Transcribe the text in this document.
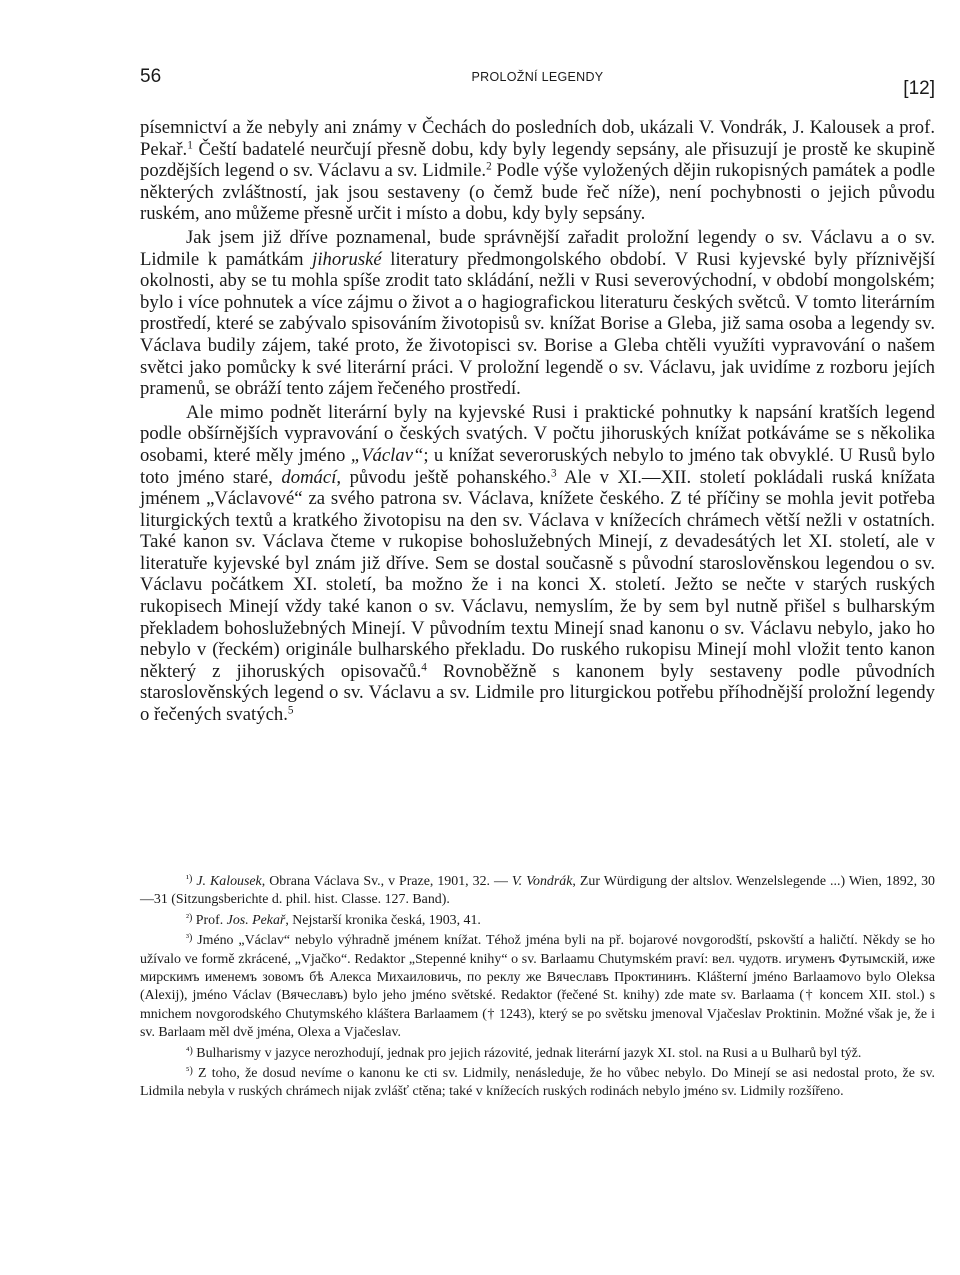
56	PROLOŽNÍ LEGENDY
[12]

písemnictví a že nebyly ani známy v Čechách do posledních dob, ukázali V. Vondrák, J. Kalousek a prof. Pekař.$^1$ Čeští badatelé neurčují přesně dobu, kdy byly legendy sepsány, ale přisuzují je prostě ke skupině pozdějších legend o sv. Václavu a sv. Lidmile.$^2$ Podle výše vyložených dějin rukopisných památek a podle některých zvláštností, jak jsou sestaveny (o čemž bude řeč níže), není pochybnosti o jejich původu ruském, ano můžeme přesně určit i místo a dobu, kdy byly sepsány.

Jak jsem již dříve poznamenal, bude správnější zařadit proložní legendy o sv. Václavu a o sv. Lidmile k památkám jihoruské literatury předmongolského období. V Rusi kyjevské byly příznivější okolnosti, aby se tu mohla spíše zrodit tato skládání, nežli v Rusi severovýchodní, v období mongolském; bylo i více pohnutek a více zájmu o život a o hagiografickou literaturu českých světců. V tomto literárním prostředí, které se zabývalo spisováním životopisů sv. knížat Borise a Gleba, již sama osoba a legendy sv. Václava budily zájem, také proto, že životopisci sv. Borise a Gleba chtěli využíti vypravování o našem světci jako pomůcky k své literární práci. V proložní legendě o sv. Václavu, jak uvidíme z rozboru jejích pramenů, se obráží tento zájem řečeného prostředí.

Ale mimo podnět literární byly na kyjevské Rusi i praktické pohnutky k napsání kratších legend podle obšírnějších vypravování o českých svatých. V počtu jihoruských knížat potkáváme se s několika osobami, které měly jméno „Václav“; u knížat severoruských nebylo to jméno tak obvyklé. U Rusů bylo toto jméno staré, domácí, původu ještě pohanského.$^3$ Ale v XI.—XII. století pokládali ruská knížata jménem „Václavové“ za svého patrona sv. Václava, knížete českého. Z té příčiny se mohla jevit potřeba liturgických textů a kratkého životopisu na den sv. Václava v knížecích chrámech větší nežli v ostatních. Také kanon sv. Václava čteme v rukopise bohoslužebných Minejí, z devadesátých let XI. století, ale v literatuře kyjevské byl znám již dříve. Sem se dostal současně s původní staroslověnskou legendou o sv. Václavu počátkem XI. století, ba možno že i na konci X. století. Ježto se nečte v starých ruských rukopisech Minejí vždy také kanon o sv. Václavu, nemyslím, že by sem byl nutně přišel s bulharským překladem bohoslužebných Minejí. V původním textu Minejí snad kanonu o sv. Václavu nebylo, jako ho nebylo v (řeckém) originále bulharského překladu. Do ruského rukopisu Minejí mohl vložit tento kanon některý z jihoruských opisovačů.$^4$ Rovnoběžně s kanonem byly sestaveny podle původních staroslověnských legend o sv. Václavu a sv. Lidmile pro liturgickou potřebu příhodnější proložní legendy o řečených svatých.$^5$

$^{^1)}$ J. Kalousek, Obrana Václava Sv., v Praze, 1901, 32. — V. Vondrák, Zur Würdigung der altslov. Wenzelslegende ...) Wien, 1892, 30—31 (Sitzungsberichte d. phil. hist. Classe. 127. Band).

$^{^2)}$ Prof. Jos. Pekař, Nejstarší kronika česká, 1903, 41.

$^{^3)}$ Jméno „Václav“ nebylo výhradně jménem knížat. Téhož jména byli na př. bojarové novgorodští, pskovští a haličtí. Někdy se ho užívalo ve formě zkrácené, „Vjačko“. Redaktor „Stepenné knihy“ o sv. Barlaamu Chutymském praví: вел. чудотв. игуменъ Футымскiй, иже мирскимъ именемъ зовомъ бѣ Алекса Михаиловичь, по реклу же Вячеславъ Проктининъ. Klášterní jméno Barlaamovo bylo Oleksa (Alexij), jméno Václav (Вячеславъ) bylo jeho jméno světské. Redaktor (řečené St. knihy) zde mate sv. Barlaama († koncem XII. stol.) s mnichem novgorodského Chutymského kláštera Barlaamem († 1243), který se po světsku jmenoval Vjačeslav Proktinin. Možné však je, že i sv. Barlaam měl dvě jména, Olexa a Vjačeslav.

$^{^4)}$ Bulharismy v jazyce nerozhodují, jednak pro jejich rázovité, jednak literární jazyk XI. stol. na Rusi a u Bulharů byl týž.

$^{^5)}$ Z toho, že dosud nevíme o kanonu ke cti sv. Lidmily, nenásleduje, že ho vůbec nebylo. Do Minejí se asi nedostal proto, že sv. Lidmila nebyla v ruských chrámech nijak zvlášť ctěna; také v knížecích ruských rodinách nebylo jméno sv. Lidmily rozšířeno.
